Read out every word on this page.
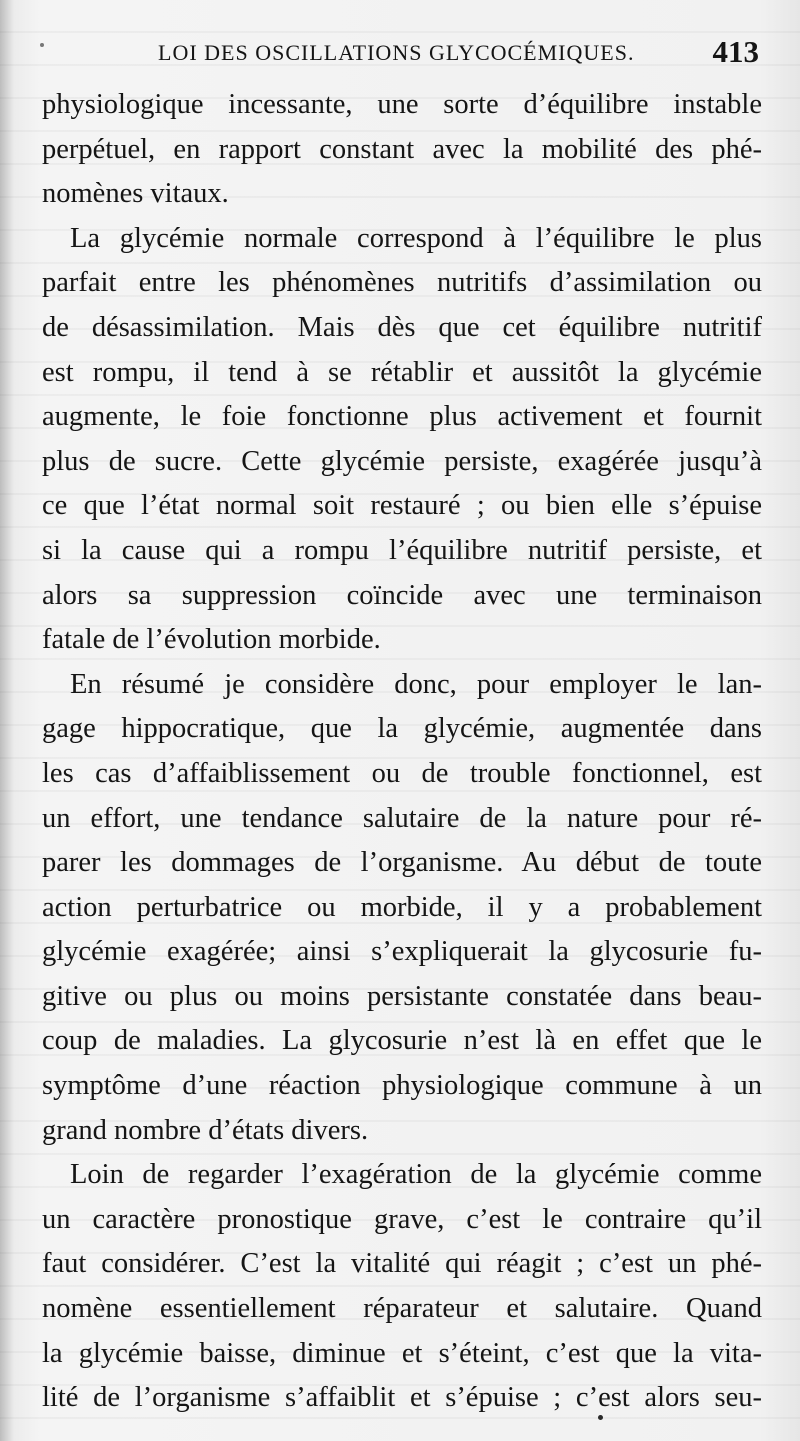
LOI DES OSCILLATIONS GLYCOCÉMIQUES.	413

physiologique incessante, une sorte d’équilibre instable
perpétuel, en rapport constant avec la mobilité des phé-
nomènes vitaux.

La glycémie normale correspond à l’équilibre le plus
parfait entre les phénomènes nutritifs d’assimilation ou
de désassimilation. Mais dès que cet équilibre nutritif
est rompu, il tend à se rétablir et aussitôt la glycémie
augmente, le foie fonctionne plus activement et fournit
plus de sucre. Cette glycémie persiste, exagérée jusqu’à
ce que l’état normal soit restauré ; ou bien elle s’épuise
si la cause qui a rompu l’équilibre nutritif persiste, et
alors sa suppression coïncide avec une terminaison
fatale de l’évolution morbide.

En résumé je considère donc, pour employer le lan-
gage hippocratique, que la glycémie, augmentée dans
les cas d’affaiblissement ou de trouble fonctionnel, est
un effort, une tendance salutaire de la nature pour ré-
parer les dommages de l’organisme. Au début de toute
action perturbatrice ou morbide, il y a probablement
glycémie exagérée; ainsi s’expliquerait la glycosurie fu-
gitive ou plus ou moins persistante constatée dans beau-
coup de maladies. La glycosurie n’est là en effet que le
symptôme d’une réaction physiologique commune à un
grand nombre d’états divers.

Loin de regarder l’exagération de la glycémie comme
un caractère pronostique grave, c’est le contraire qu’il
faut considérer. C’est la vitalité qui réagit ; c’est un phé-
nomène essentiellement réparateur et salutaire. Quand
la glycémie baisse, diminue et s’éteint, c’est que la vita-
lité de l’organisme s’affaiblit et s’épuise ; c’est alors seu-
